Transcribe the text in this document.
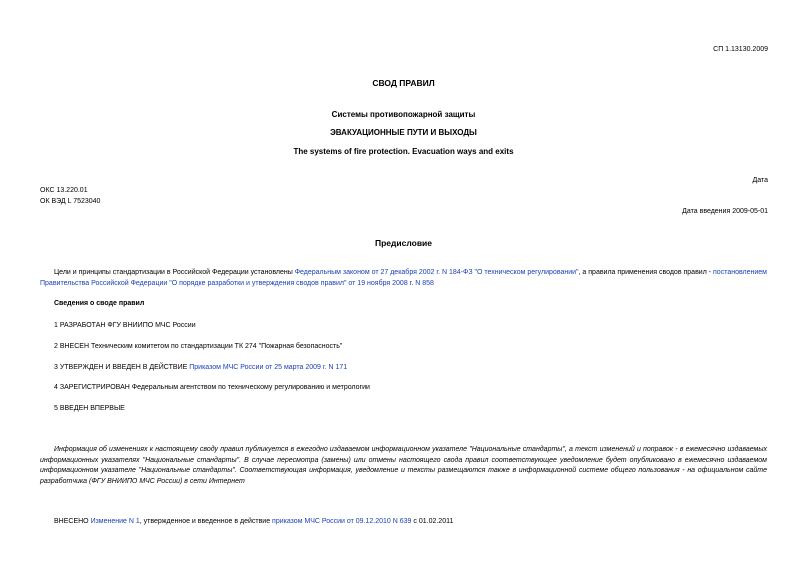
СП 1.13130.2009
СВОД ПРАВИЛ
Системы противопожарной защиты
ЭВАКУАЦИОННЫЕ ПУТИ И ВЫХОДЫ
The systems of fire protection. Evacuation ways and exits
Дата
ОКС 13.220.01
ОК ВЭД L 7523040
Дата введения 2009-05-01
Предисловие
Цели и принципы стандартизации в Российской Федерации установлены Федеральным законом от 27 декабря 2002 г. N 184-ФЗ "О техническом регулировании", а правила применения сводов правил - постановлением Правительства Российской Федерации "О порядке разработки и утверждения сводов правил" от 19 ноября 2008 г. N 858
Сведения о своде правил
1 РАЗРАБОТАН ФГУ ВНИИПО МЧС России
2 ВНЕСЕН Техническим комитетом по стандартизации ТК 274 "Пожарная безопасность"
3 УТВЕРЖДЕН И ВВЕДЕН В ДЕЙСТВИЕ Приказом МЧС России от 25 марта 2009 г. N 171
4 ЗАРЕГИСТРИРОВАН Федеральным агентством по техническому регулированию и метрологии
5 ВВЕДЕН ВПЕРВЫЕ
Информация об изменениях к настоящему своду правил публикуется в ежегодно издаваемом информационном указателе "Национальные стандарты", а текст изменений и поправок - в ежемесячно издаваемых информационных указателях "Национальные стандарты". В случае пересмотра (замены) или отмены настоящего свода правил соответствующее уведомление будет опубликовано в ежемесячно издаваемом информационном указателе "Национальные стандарты". Соответствующая информация, уведомление и тексты размещаются также в информационной системе общего пользования - на официальном сайте разработчика (ФГУ ВНИИПО МЧС России) в сети Интернет
ВНЕСЕНО Изменение N 1, утвержденное и введенное в действие приказом МЧС России от 09.12.2010 N 639 с 01.02.2011
